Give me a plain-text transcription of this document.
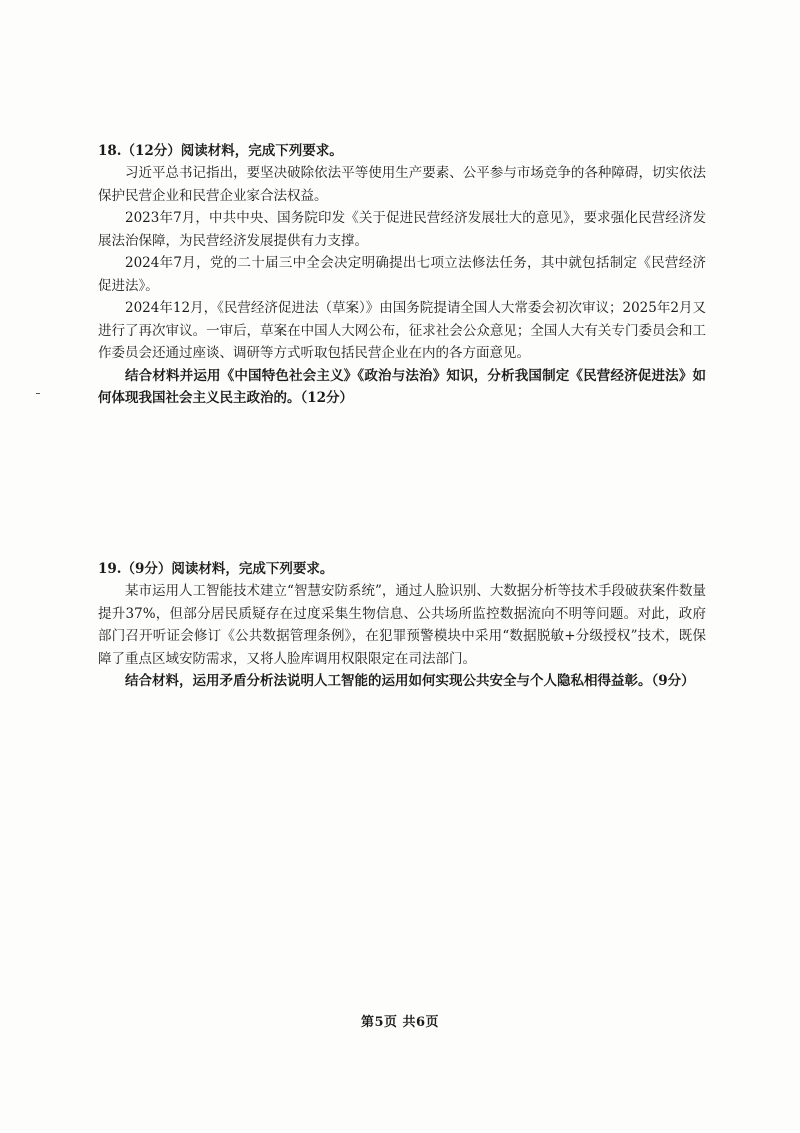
18.（12分）阅读材料，完成下列要求。

习近平总书记指出，要坚决破除依法平等使用生产要素、公平参与市场竞争的各种障碍，切实依法保护民营企业和民营企业家合法权益。

2023年7月，中共中央、国务院印发《关于促进民营经济发展壮大的意见》，要求强化民营经济发展法治保障，为民营经济发展提供有力支撑。

2024年7月，党的二十届三中全会决定明确提出七项立法修法任务，其中就包括制定《民营经济促进法》。

2024年12月，《民营经济促进法（草案）》由国务院提请全国人大常委会初次审议；2025年2月又进行了再次审议。一审后，草案在中国人大网公布，征求社会公众意见；全国人大有关专门委员会和工作委员会还通过座谈、调研等方式听取包括民营企业在内的各方面意见。

结合材料并运用《中国特色社会主义》《政治与法治》知识，分析我国制定《民营经济促进法》如何体现我国社会主义民主政治的。（12分）

19.（9分）阅读材料，完成下列要求。

某市运用人工智能技术建立“智慧安防系统”，通过人脸识别、大数据分析等技术手段破获案件数量提升37%，但部分居民质疑存在过度采集生物信息、公共场所监控数据流向不明等问题。对此，政府部门召开听证会修订《公共数据管理条例》，在犯罪预警模块中采用“数据脱敏+分级授权”技术，既保障了重点区域安防需求，又将人脸库调用权限限定在司法部门。

结合材料，运用矛盾分析法说明人工智能的运用如何实现公共安全与个人隐私相得益彰。（9分）

第5页 共6页
